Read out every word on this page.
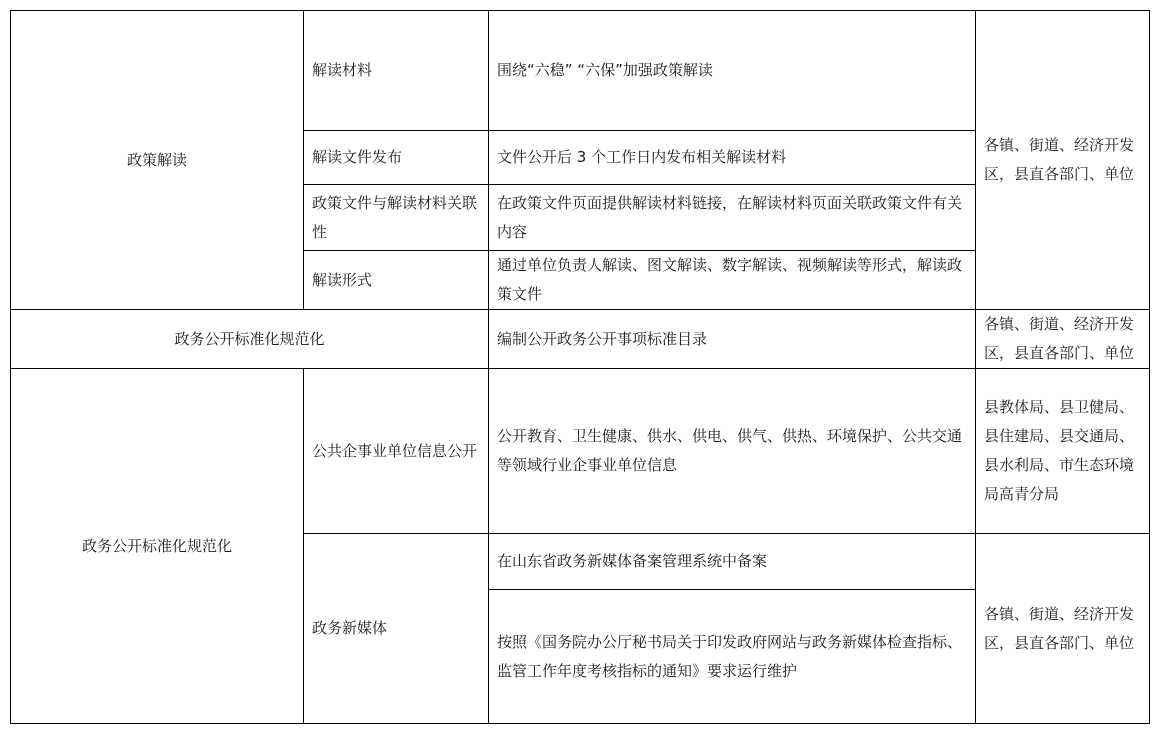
政策解读	解读材料	围绕“六稳” “六保”加强政策解读	各镇、街道、经济开发区，县直各部门、单位
	解读文件发布	文件公开后 3 个工作日内发布相关解读材料	
	政策文件与解读材料关联性	在政策文件页面提供解读材料链接，在解读材料页面关联政策文件有关内容	
	解读形式	通过单位负责人解读、图文解读、数字解读、视频解读等形式，解读政策文件	
政务公开标准化规范化		编制公开政务公开事项标准目录	各镇、街道、经济开发区，县直各部门、单位
政务公开标准化规范化	公共企事业单位信息公开	公开教育、卫生健康、供水、供电、供气、供热、环境保护、公共交通等领域行业企事业单位信息	县教体局、县卫健局、县住建局、县交通局、县水利局、市生态环境局高青分局
	政务新媒体	在山东省政务新媒体备案管理系统中备案	各镇、街道、经济开发区，县直各部门、单位
		按照《国务院办公厅秘书局关于印发政府网站与政务新媒体检查指标、监管工作年度考核指标的通知》要求运行维护	
